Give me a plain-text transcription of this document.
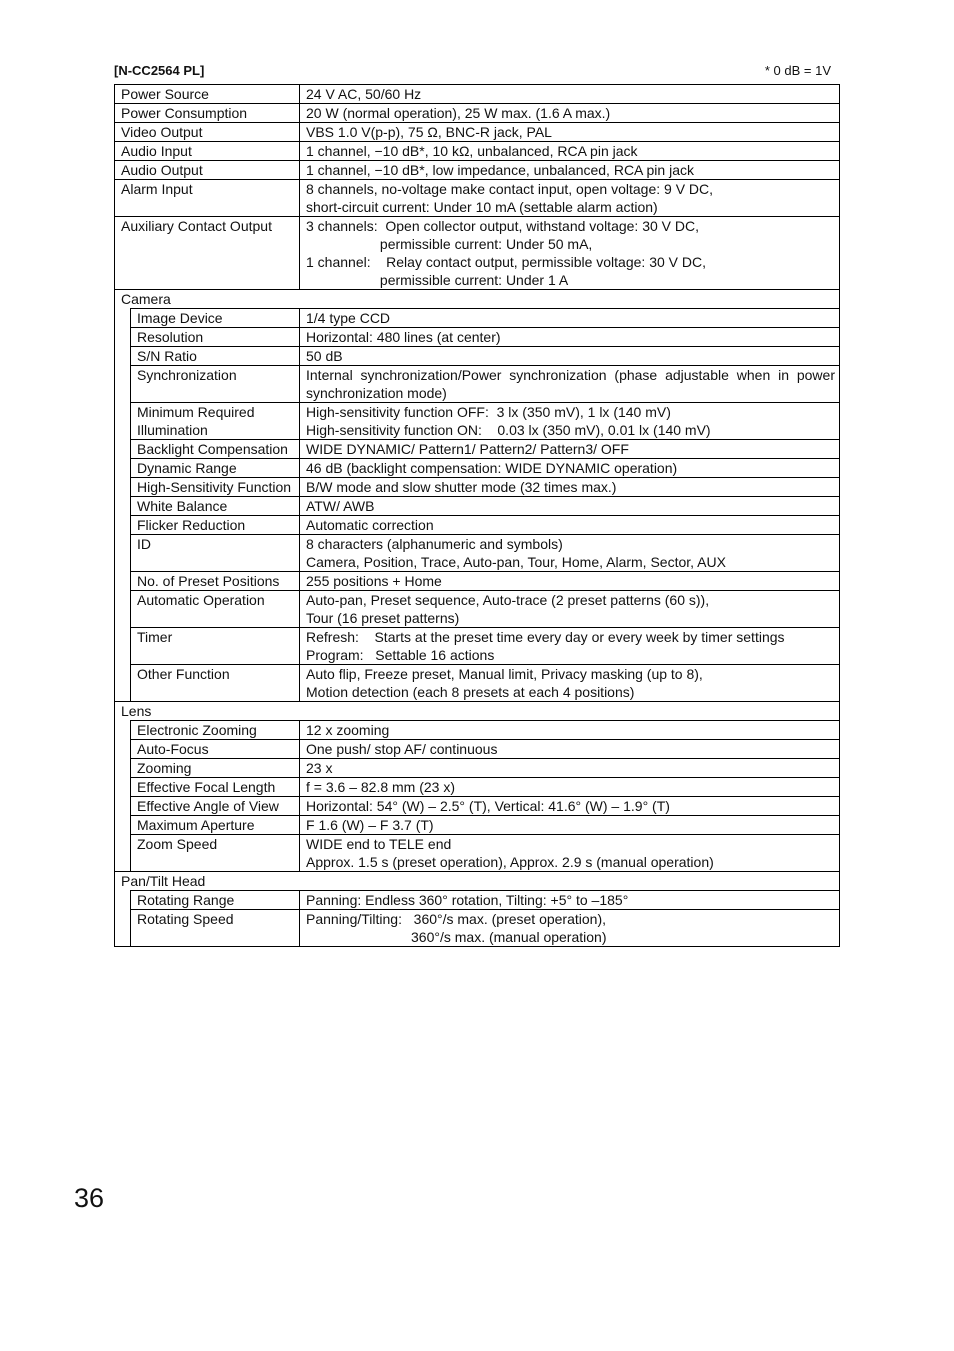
[N-CC2564 PL]	* 0 dB = 1V
Power Source		24 V AC, 50/60 Hz
Power Consumption		20 W (normal operation), 25 W max. (1.6 A max.)
Video Output		VBS 1.0 V(p-p), 75 Ω, BNC-R jack, PAL
Audio Input		1 channel, −10 dB*, 10 kΩ, unbalanced, RCA pin jack
Audio Output		1 channel, −10 dB*, low impedance, unbalanced, RCA pin jack
Alarm Input		8 channels, no-voltage make contact input, open voltage: 9 V DC,
short-circuit current: Under 10 mA (settable alarm action)
Auxiliary Contact Output		3 channels:  Open collector output, withstand voltage: 30 V DC,
permissible current: Under 50 mA,
1 channel:    Relay contact output, permissible voltage: 30 V DC,
permissible current: Under 1 A

Camera		
	Image Device	1/4 type CCD
	Resolution	Horizontal: 480 lines (at center)
	S/N Ratio	50 dB
	Synchronization	Internal synchronization/Power synchronization (phase adjustable when in power synchronization mode)
	Minimum Required
Illumination	High-sensitivity function OFF:  3 lx (350 mV), 1 lx (140 mV)
High-sensitivity function ON:    0.03 lx (350 mV), 0.01 lx (140 mV)
	Backlight Compensation	WIDE DYNAMIC/ Pattern1/ Pattern2/ Pattern3/ OFF
	Dynamic Range	46 dB (backlight compensation: WIDE DYNAMIC operation)
	High-Sensitivity Function	B/W mode and slow shutter mode (32 times max.)
	White Balance	ATW/ AWB
	Flicker Reduction	Automatic correction
	ID	8 characters (alphanumeric and symbols)
Camera, Position, Trace, Auto-pan, Tour, Home, Alarm, Sector, AUX
	No. of Preset Positions	255 positions + Home
	Automatic Operation	Auto-pan, Preset sequence, Auto-trace (2 preset patterns (60 s)),
Tour (16 preset patterns)
	Timer	Refresh:    Starts at the preset time every day or every week by timer settings
Program:   Settable 16 actions
	Other Function	Auto flip, Freeze preset, Manual limit, Privacy masking (up to 8),
Motion detection (each 8 presets at each 4 positions)
Lens		
	Electronic Zooming	12 x zooming
	Auto-Focus	One push/ stop AF/ continuous
	Zooming	23 x
	Effective Focal Length	f = 3.6 – 82.8 mm (23 x)
	Effective Angle of View	Horizontal: 54° (W) – 2.5° (T), Vertical: 41.6° (W) – 1.9° (T)
	Maximum Aperture	F 1.6 (W) – F 3.7 (T)
	Zoom Speed	WIDE end to TELE end
Approx. 1.5 s (preset operation), Approx. 2.9 s (manual operation)
Pan/Tilt Head		
	Rotating Range	Panning: Endless 360° rotation, Tilting: +5° to –185°
	Rotating Speed	Panning/Tilting:   360°/s max. (preset operation),
360°/s max. (manual operation)

36
